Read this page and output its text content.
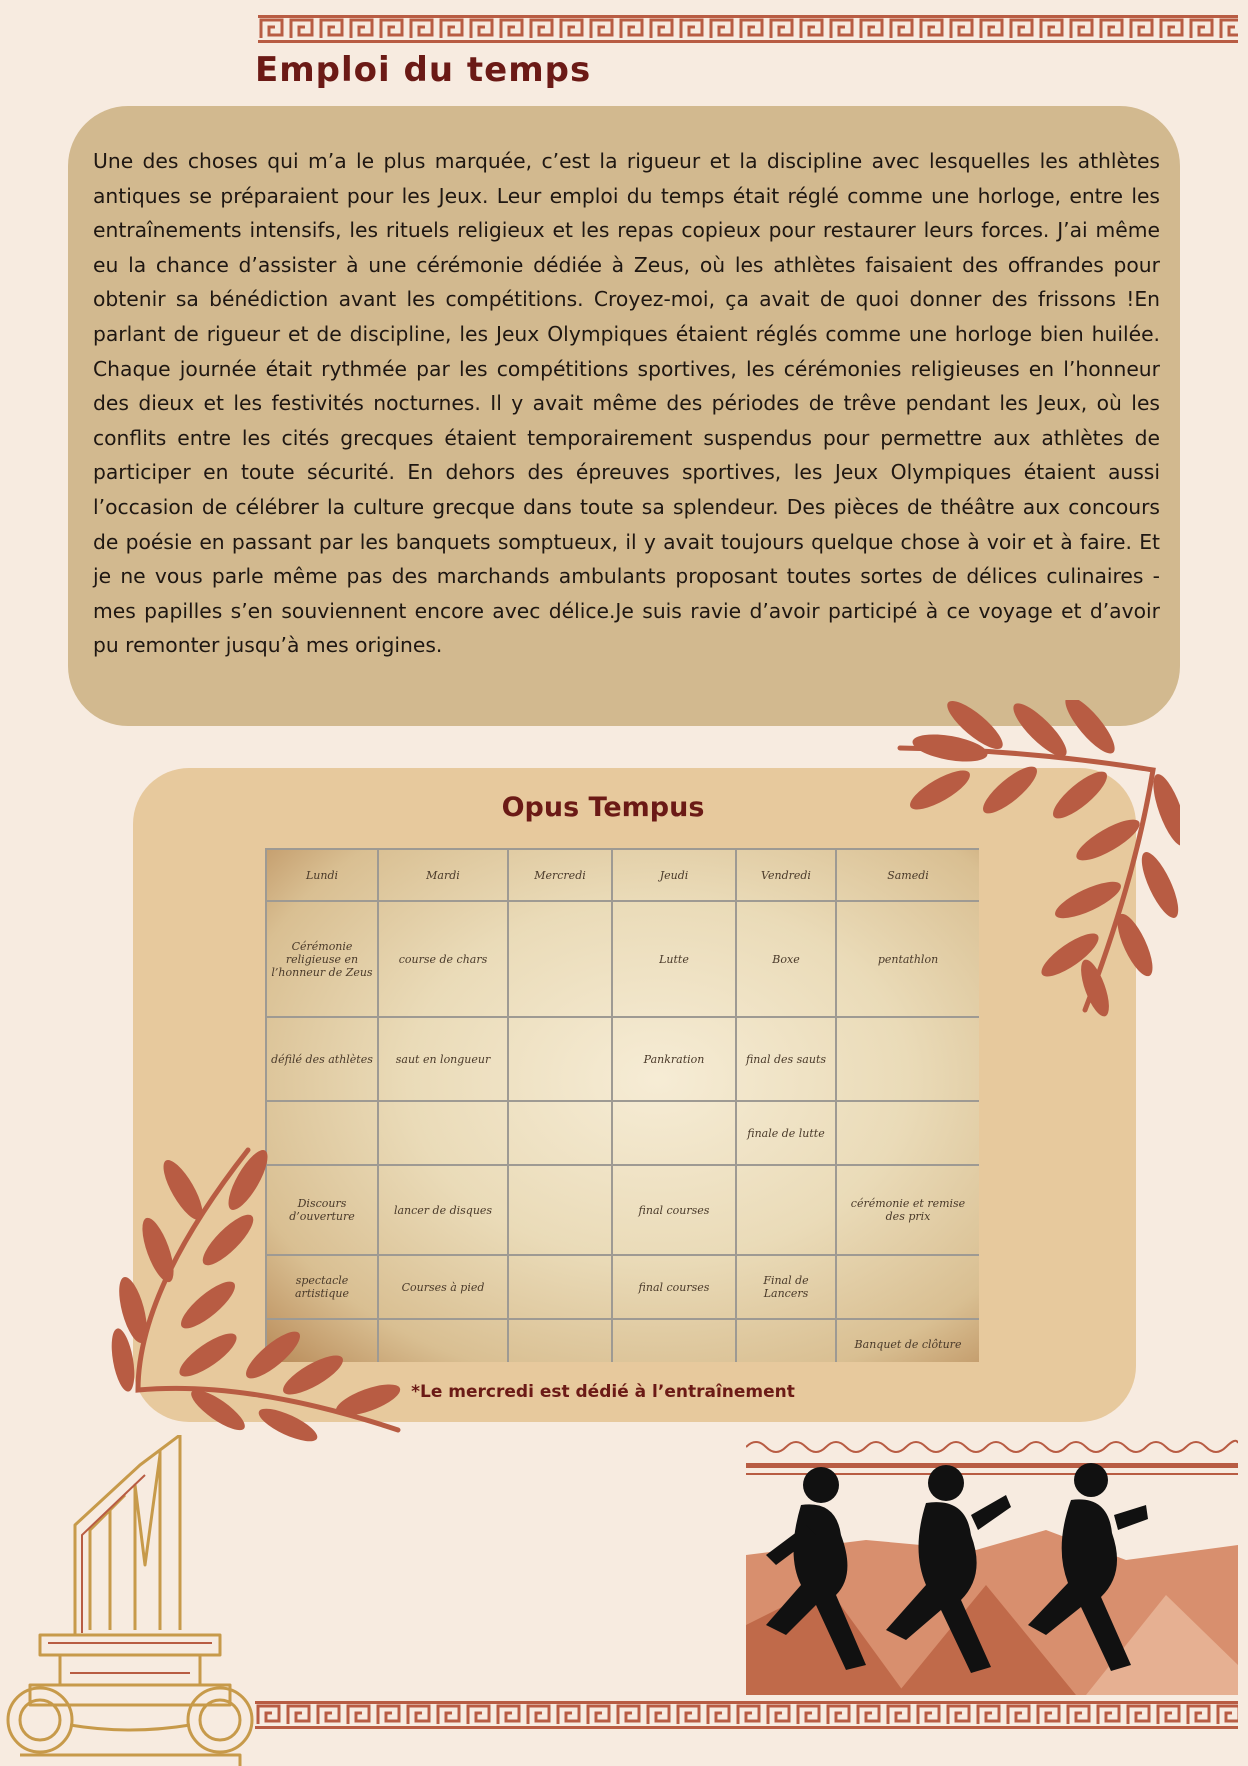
Emploi du temps

Une des choses qui m’a le plus marquée, c’est la rigueur et la discipline avec lesquelles les athlètes antiques se préparaient pour les Jeux. Leur emploi du temps était réglé comme une horloge, entre les entraînements intensifs, les rituels religieux et les repas copieux pour restaurer leurs forces. J’ai même eu la chance d’assister à une cérémonie dédiée à Zeus, où les athlètes faisaient des offrandes pour obtenir sa bénédiction avant les compétitions. Croyez-moi, ça avait de quoi donner des frissons !En parlant de rigueur et de discipline, les Jeux Olympiques étaient réglés comme une horloge bien huilée. Chaque journée était rythmée par les compétitions sportives, les cérémonies religieuses en l’honneur des dieux et les festivités nocturnes. Il y avait même des périodes de trêve pendant les Jeux, où les conflits entre les cités grecques étaient temporairement suspendus pour permettre aux athlètes de participer en toute sécurité. En dehors des épreuves sportives, les Jeux Olympiques étaient aussi l’occasion de célébrer la culture grecque dans toute sa splendeur. Des pièces de théâtre aux concours de poésie en passant par les banquets somptueux, il y avait toujours quelque chose à voir et à faire. Et je ne vous parle même pas des marchands ambulants proposant toutes sortes de délices culinaires - mes papilles s’en souviennent encore avec délice.Je suis ravie d’avoir participé à ce voyage et d’avoir pu remonter jusqu’à mes origines.

Opus Tempus
Lundi	Mardi	Mercredi	Jeudi	Vendredi	Samedi
Cérémonie religieuse en l’honneur de Zeus	course de chars		Lutte	Boxe	pentathlon
défilé des athlètes	saut en longueur		Pankration	final des sauts	
				finale de lutte	
Discours d’ouverture	lancer de disques		final courses		cérémonie et remise des prix
spectacle artistique	Courses à pied		final courses	Final de Lancers	
					Banquet de clôture
*Le mercredi est dédié à l’entraînement
